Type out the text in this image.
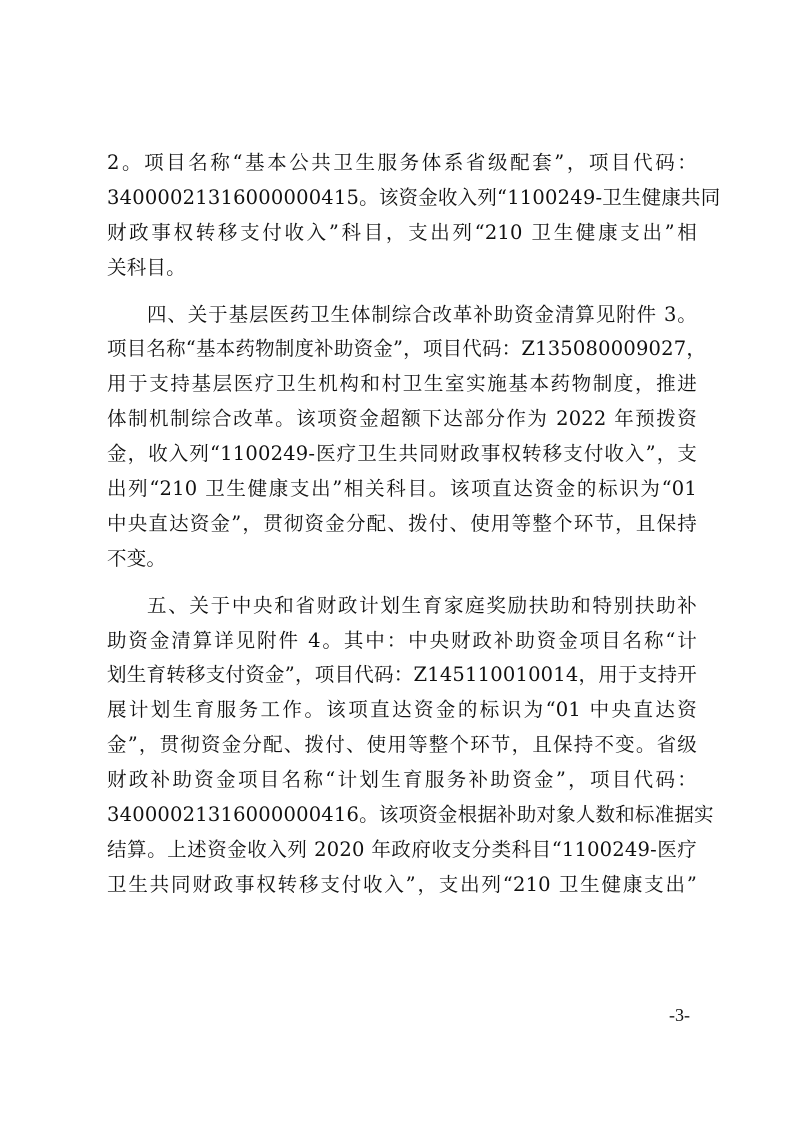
2。项目名称“基本公共卫生服务体系省级配套”，项目代码：
34000021316000000415。该资金收入列“1100249-卫生健康共同
财政事权转移支付收入”科目，支出列“210 卫生健康支出”相
关科目。
四、关于基层医药卫生体制综合改革补助资金清算见附件 3。
项目名称“基本药物制度补助资金”，项目代码：Z135080009027，
用于支持基层医疗卫生机构和村卫生室实施基本药物制度，推进
体制机制综合改革。该项资金超额下达部分作为 2022 年预拨资
金，收入列“1100249-医疗卫生共同财政事权转移支付收入”，支
出列“210 卫生健康支出”相关科目。该项直达资金的标识为“01
中央直达资金”，贯彻资金分配、拨付、使用等整个环节，且保持
不变。
五、关于中央和省财政计划生育家庭奖励扶助和特别扶助补
助资金清算详见附件 4。其中：中央财政补助资金项目名称“计
划生育转移支付资金”，项目代码：Z145110010014，用于支持开
展计划生育服务工作。该项直达资金的标识为“01 中央直达资
金”，贯彻资金分配、拨付、使用等整个环节，且保持不变。省级
财政补助资金项目名称“计划生育服务补助资金”，项目代码：
34000021316000000416。该项资金根据补助对象人数和标准据实
结算。上述资金收入列 2020 年政府收支分类科目“1100249-医疗
卫生共同财政事权转移支付收入”，支出列“210 卫生健康支出”
-3-
